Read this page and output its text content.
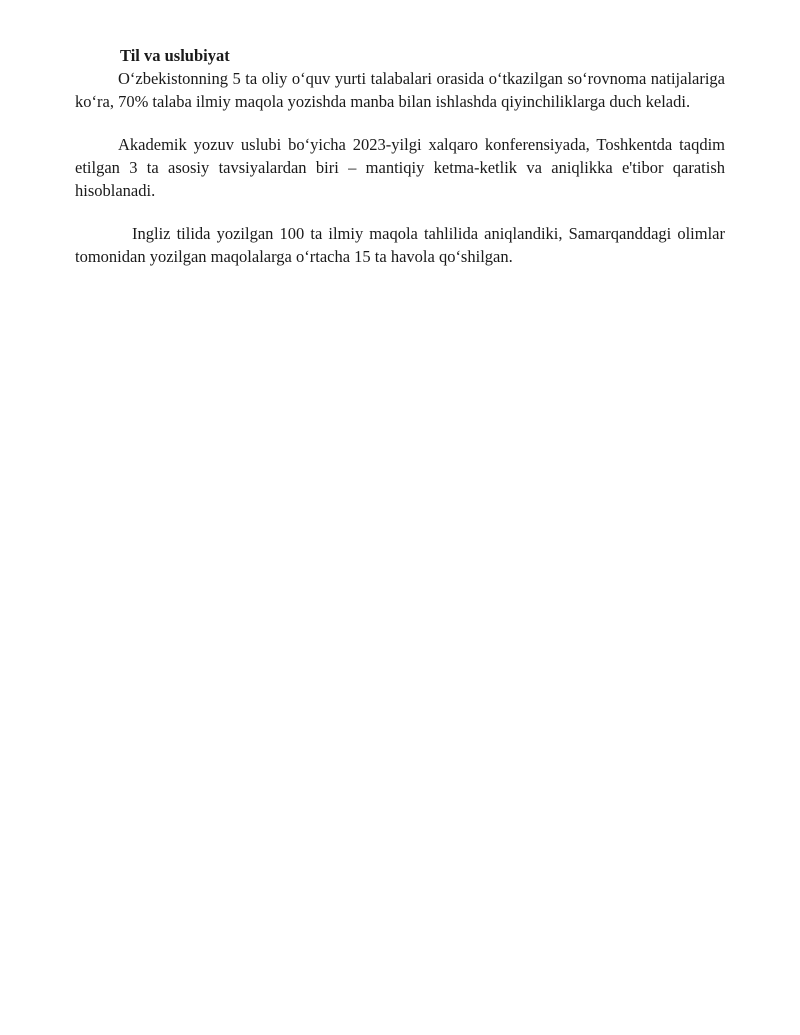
Til va uslubiyat

O‘zbekistonning 5 ta oliy o‘quv yurti talabalari orasida o‘tkazilgan so‘rovnoma natijalariga ko‘ra, 70% talaba ilmiy maqola yozishda manba bilan ishlashda qiyinchiliklarga duch keladi.

Akademik yozuv uslubi bo‘yicha 2023-yilgi xalqaro konferensiyada, Toshkentda taqdim etilgan 3 ta asosiy tavsiyalardan biri – mantiqiy ketma-ketlik va aniqlikka e'tibor qaratish hisoblanadi.

Ingliz tilida yozilgan 100 ta ilmiy maqola tahlilida aniqlandiki, Samarqanddagi olimlar tomonidan yozilgan maqolalarga o‘rtacha 15 ta havola qo‘shilgan.
